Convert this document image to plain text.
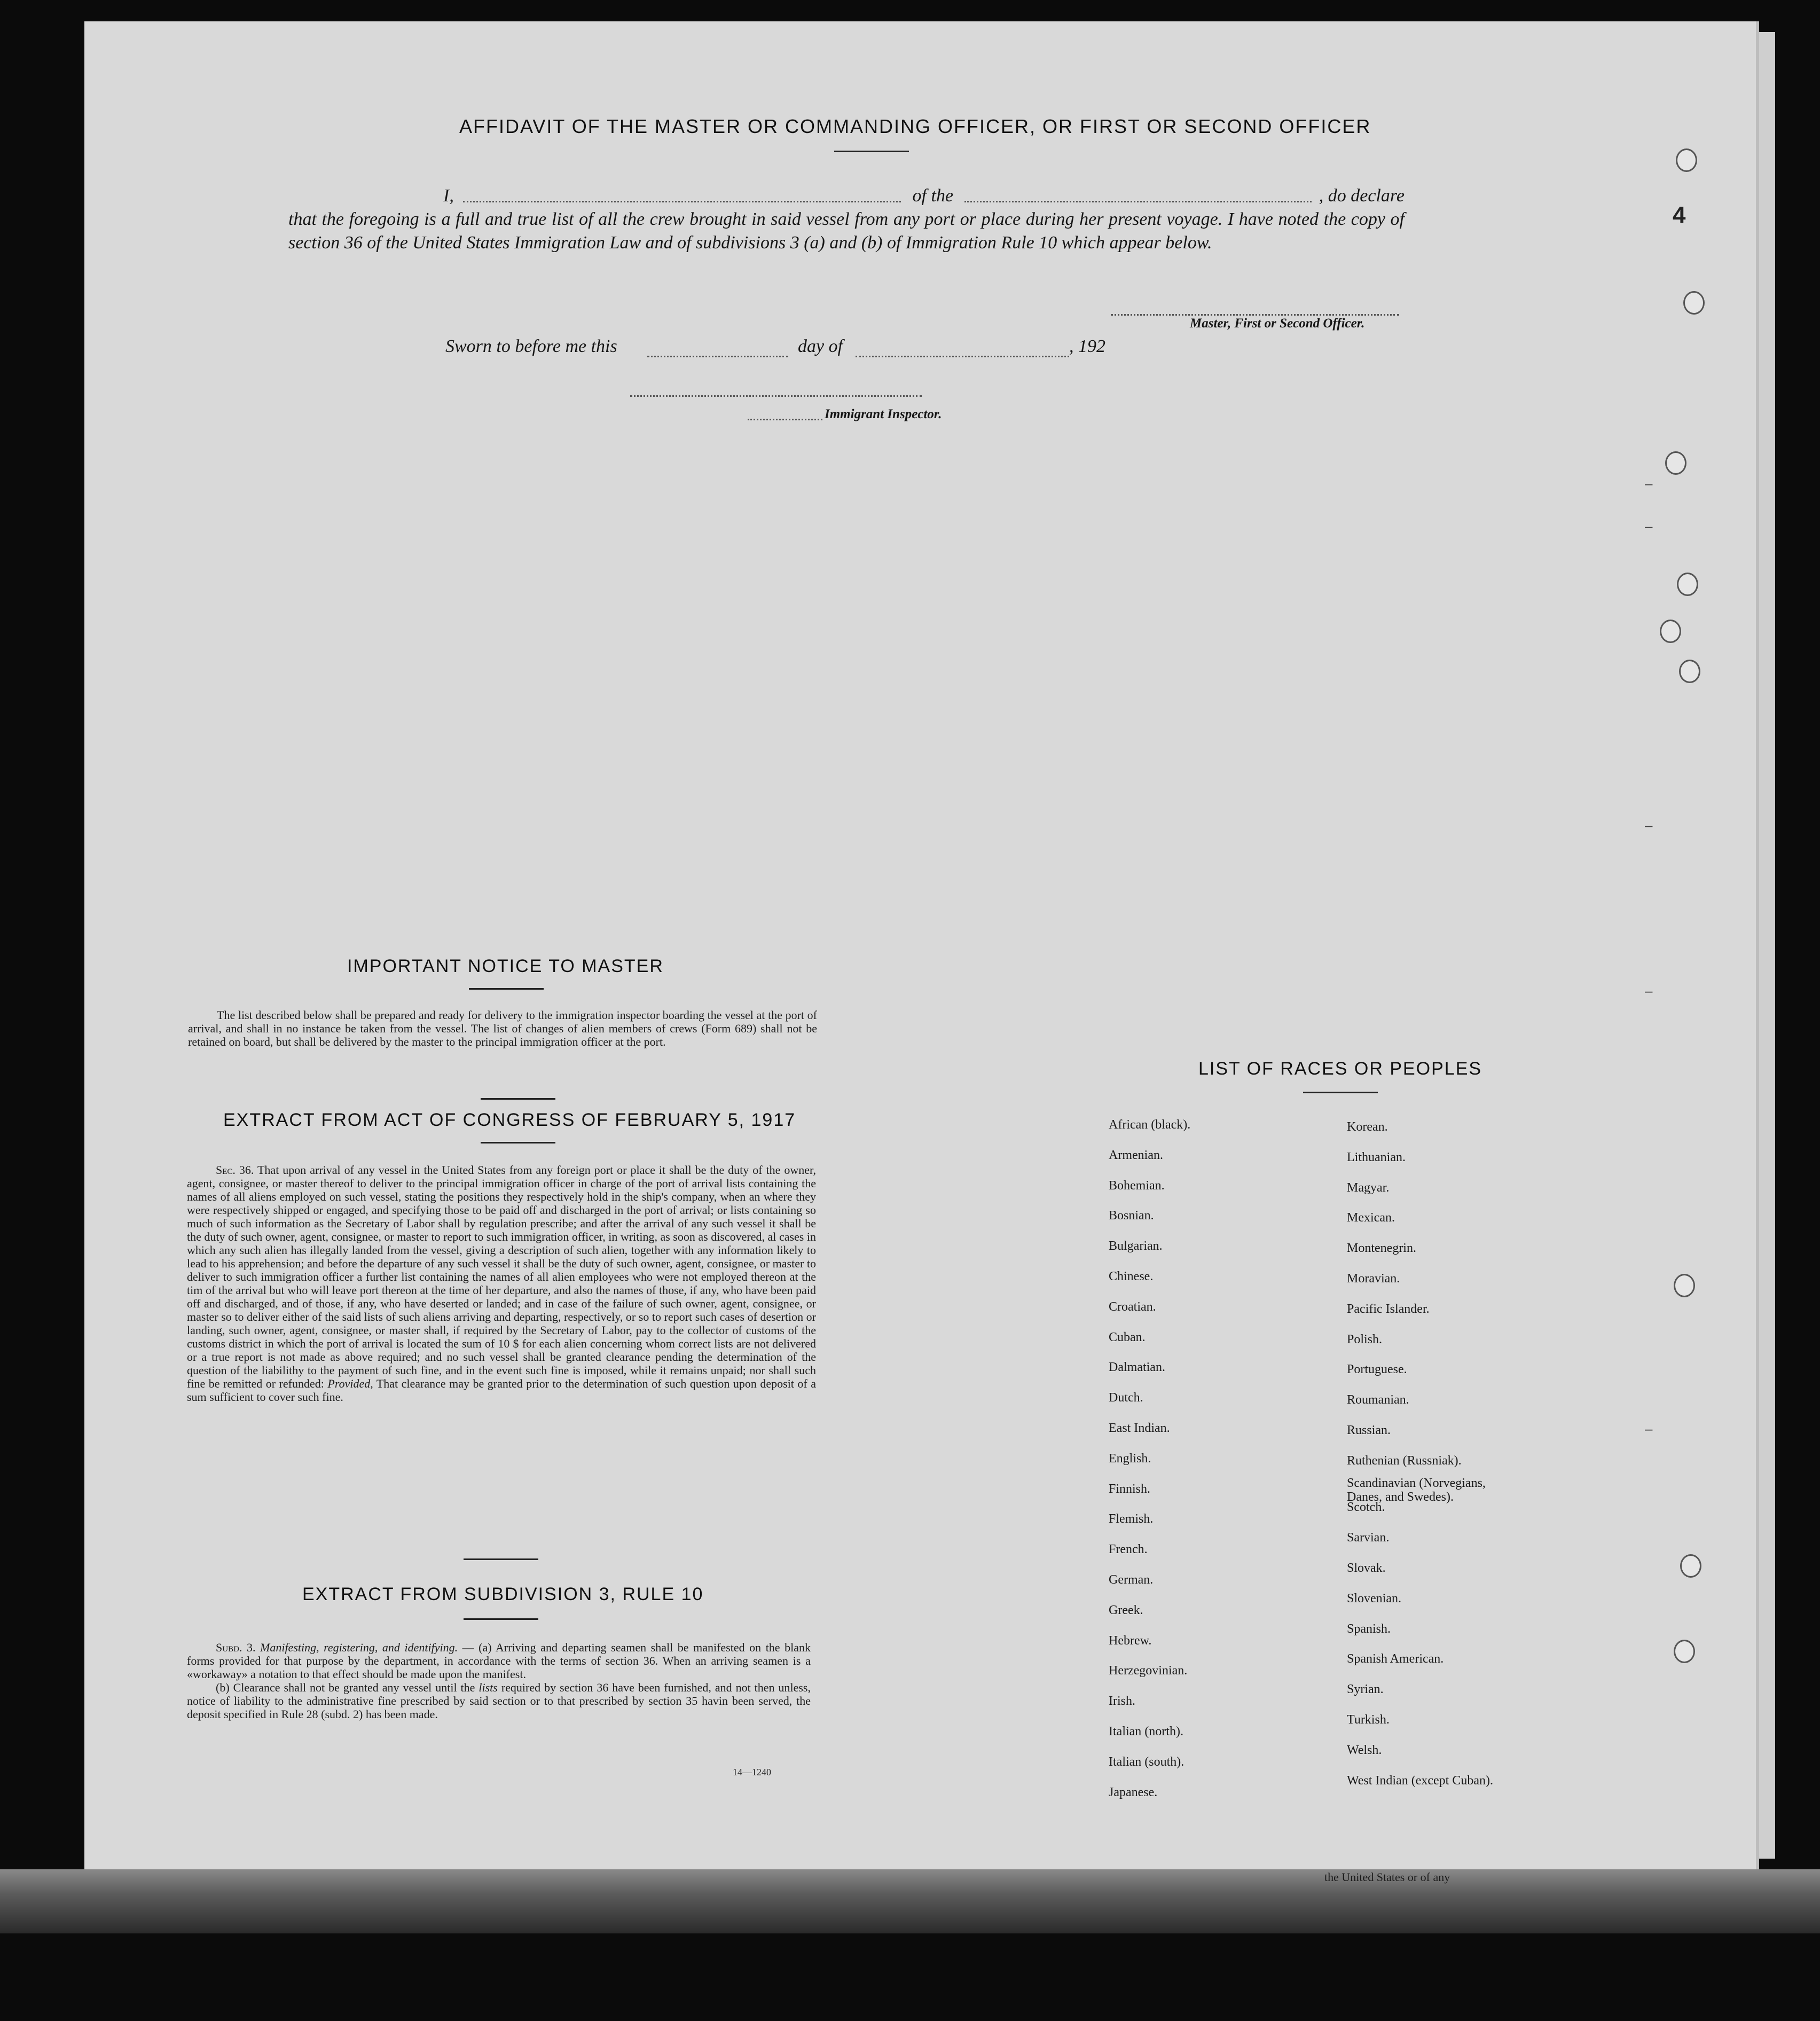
the United States or of any
4
AFFIDAVIT OF THE MASTER OR COMMANDING OFFICER, OR FIRST OR SECOND OFFICER
I,	of the	, do declare

that the foregoing is a full and true list of all the crew brought in said vessel from any port or place during her present voyage. I have noted the copy of section 36 of the United States Immigration Law and of subdivisions 3 (a) and (b) of Immigration Rule 10 which appear below.

Master, First or Second Officer.
Sworn to before me this	day of	, 192
Immigrant Inspector.
IMPORTANT NOTICE TO MASTER

The list described below shall be prepared and ready for delivery to the immigration inspector boarding the vessel at the port of arrival, and shall in no instance be taken from the vessel. The list of changes of alien members of crews (Form 689) shall not be retained on board, but shall be delivered by the master to the principal immigration officer at the port.

EXTRACT FROM ACT OF CONGRESS OF FEBRUARY 5, 1917

Sec. 36. That upon arrival of any vessel in the United States from any foreign port or place it shall be the duty of the owner, agent, consignee, or master thereof to deliver to the principal immigration officer in charge of the port of arrival lists containing the names of all aliens employed on such vessel, stating the positions they respectively hold in the ship's company, when an where they were respectively shipped or engaged, and specifying those to be paid off and discharged in the port of arrival; or lists containing so much of such information as the Secretary of Labor shall by regulation prescribe; and after the arrival of any such vessel it shall be the duty of such owner, agent, consignee, or master to report to such immigration officer, in writing, as soon as discovered, al cases in which any such alien has illegally landed from the vessel, giving a description of such alien, together with any information likely to lead to his apprehension; and before the departure of any such vessel it shall be the duty of such owner, agent, consignee, or master to deliver to such immigration officer a further list containing the names of all alien employees who were not employed thereon at the tim of the arrival but who will leave port thereon at the time of her departure, and also the names of those, if any, who have been paid off and discharged, and of those, if any, who have deserted or landed; and in case of the failure of such owner, agent, consignee, or master so to deliver either of the said lists of such aliens arriving and departing, respectively, or so to report such cases of desertion or landing, such owner, agent, consignee, or master shall, if required by the Secretary of Labor, pay to the collector of customs of the customs district in which the port of arrival is located the sum of 10 $ for each alien concerning whom correct lists are not delivered or a true report is not made as above required; and no such vessel shall be granted clearance pending the determination of the question of the liabilithy to the payment of such fine, and in the event such fine is imposed, while it remains unpaid; nor shall such fine be remitted or refunded: Provided, That clearance may be granted prior to the determination of such question upon deposit of a sum sufficient to cover such fine.

EXTRACT FROM SUBDIVISION 3, RULE 10

Subd. 3. Manifesting, registering, and identifying. — (a) Arriving and departing seamen shall be manifested on the blank forms provided for that purpose by the department, in accordance with the terms of section 36. When an arriving seamen is a «workaway» a notation to that effect should be made upon the manifest.

(b) Clearance shall not be granted any vessel until the lists required by section 36 have been furnished, and not then unless, notice of liability to the administrative fine prescribed by said section or to that prescribed by section 35 havin been served, the deposit specified in Rule 28 (subd. 2) has been made.

14—1240
LIST OF RACES OR PEOPLES
African (black).
Armenian.
Bohemian.
Bosnian.
Bulgarian.
Chinese.
Croatian.
Cuban.
Dalmatian.
Dutch.
East Indian.
English.
Finnish.
Flemish.
French.
German.
Greek.
Hebrew.
Herzegovinian.
Irish.
Italian (north).
Italian (south).
Japanese.
Korean.
Lithuanian.
Magyar.
Mexican.
Montenegrin.
Moravian.
Pacific Islander.
Polish.
Portuguese.
Roumanian.
Russian.
Ruthenian (Russniak).
Scandinavian (Norvegians, Danes, and Swedes).
Scotch.
Sarvian.
Slovak.
Slovenian.
Spanish.
Spanish American.
Syrian.
Turkish.
Welsh.
West Indian (except Cuban).
–
–
–
–
–
